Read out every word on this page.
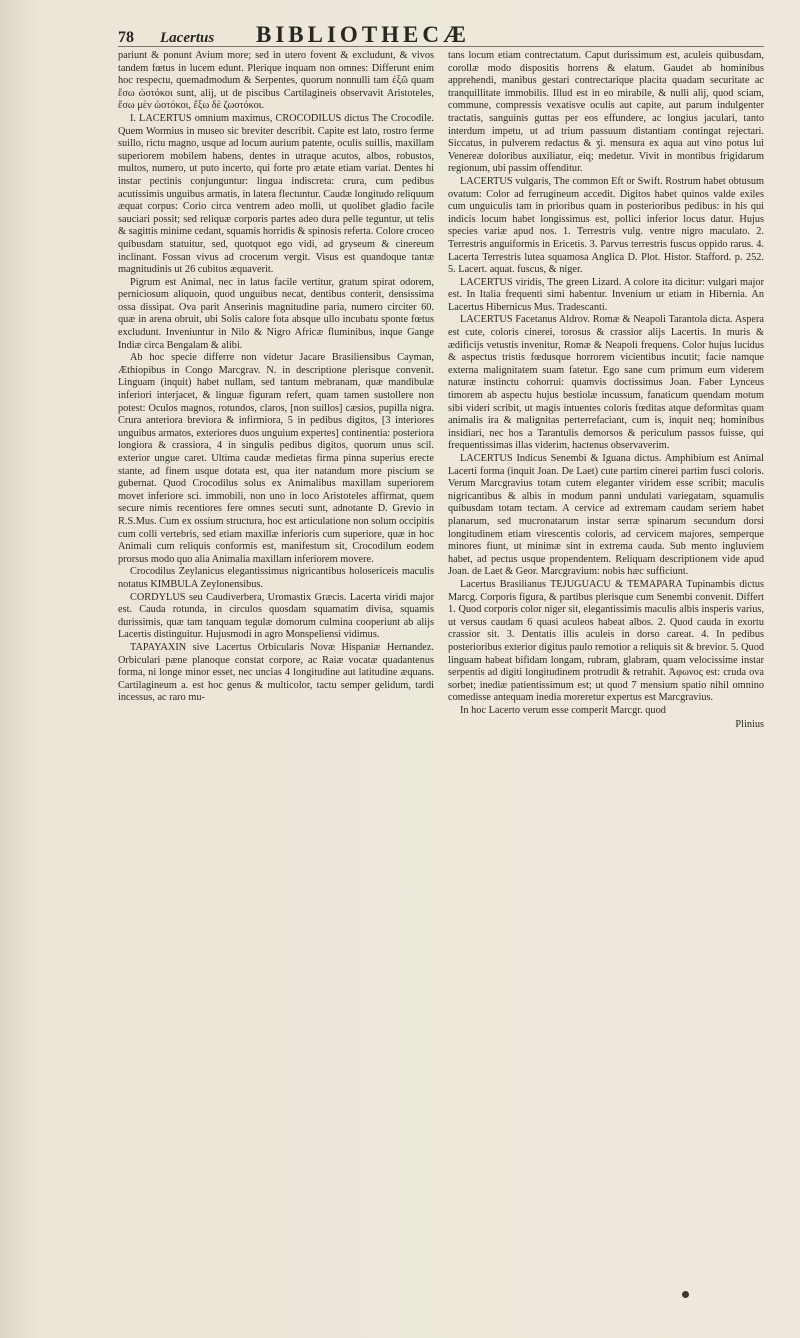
78	Lacertus	BIBLIOTHECÆ

pariunt & ponunt Avium more; sed in utero fovent & excludunt, & vivos tandem fœtus in lucem edunt. Plerique inquam non omnes: Differunt enim hoc respectu, quemadmodum & Serpentes, quorum nonnulli tam ἐξῶ quam ἔσω ὠοτόκοι sunt, alij, ut de piscibus Cartilagineis observavit Aristoteles, ἔσω μὲν ὠοτόκοι, ἔξω δὲ ζωοτόκοι.

I. LACERTUS omnium maximus, CROCODILUS dictus The Crocodile. Quem Wormius in museo sic breviter describit. Capite est lato, rostro ferme suillo, rictu magno, usque ad locum aurium patente, oculis suillis, maxillam superiorem mobilem habens, dentes in utraque acutos, albos, robustos, multos, numero, ut puto incerto, qui forte pro ætate etiam variat. Dentes hi instar pectinis conjunguntur: lingua indiscreta: crura, cum pedibus acutissimis unguibus armatis, in latera flectuntur. Caudæ longitudo reliquum æquat corpus: Corio circa ventrem adeo molli, ut quolibet gladio facile sauciari possit; sed reliquæ corporis partes adeo dura pelle teguntur, ut telis & sagittis minime cedant, squamis horridis & spinosis referta. Colore croceo quibusdam statuitur, sed, quotquot ego vidi, ad gryseum & cinereum inclinant. Fossan vivus ad crocerum vergit. Visus est quandoque tantæ magnitudinis ut 26 cubitos æquaverit.

Pigrum est Animal, nec in latus facile vertitur, gratum spirat odorem, perniciosum aliquoin, quod unguibus necat, dentibus conterit, densissima ossa dissipat. Ova parit Anserinis magnitudine paria, numero circiter 60. quæ in arena obruit, ubi Solis calore fota absque ullo incubatu sponte fœtus excludunt. Inveniuntur in Nilo & Nigro Africæ fluminibus, inque Gange Indiæ circa Bengalam & alibi.

Ab hoc specie differre non videtur Jacare Brasiliensibus Cayman, Æthiopibus in Congo Marcgrav. N. in descriptione plerisque convenit. Linguam (inquit) habet nullam, sed tantum mebranam, quæ mandibulæ inferiori interjacet, & linguæ figuram refert, quam tamen sustollere non potest: Oculos magnos, rotundos, claros, [non suillos] cæsios, pupilla nigra. Crura anteriora breviora & infirmiora, 5 in pedibus digitos, [3 interiores unguibus armatos, exteriores duos unguium expertes] continentia: posteriora longiora & crassiora, 4 in singulis pedibus digitos, quorum unus scil. exterior ungue caret. Ultima caudæ medietas firma pinna superius erecte stante, ad finem usque dotata est, qua iter natandum more piscium se gubernat. Quod Crocodilus solus ex Animalibus maxillam superiorem movet inferiore sci. immobili, non uno in loco Aristoteles affirmat, quem secure nimis recentiores fere omnes secuti sunt, adnotante D. Grevio in R.S.Mus. Cum ex ossium structura, hoc est articulatione non solum occipitis cum colli vertebris, sed etiam maxillæ inferioris cum superiore, quæ in hoc Animali cum reliquis conformis est, manifestum sit, Crocodilum eodem prorsus modo quo alia Animalia maxillam inferiorem movere.

Crocodilus Zeylanicus elegantissimus nigricantibus holosericeis maculis notatus KIMBULA Zeylonensibus.

CORDYLUS seu Caudiverbera, Uromastix Græcis. Lacerta viridi major est. Cauda rotunda, in circulos quosdam squamatim divisa, squamis durissimis, quæ tam tanquam tegulæ domorum culmina cooperiunt ab alijs Lacertis distinguitur. Hujusmodi in agro Monspeliensi vidimus.

TAPAYAXIN sive Lacertus Orbicularis Novæ Hispaniæ Hernandez. Orbiculari pæne planoque constat corpore, ac Raiæ vocatæ quadantenus forma, ni longe minor esset, nec uncias 4 longitudine aut latitudine æquans. Cartilagineum a. est hoc genus & multicolor, tactu semper gelidum, tardi incessus, ac raro mu-

tans locum etiam contrectatum. Caput durissimum est, aculeis quibusdam, corollæ modo dispositis horrens & elatum. Gaudet ab hominibus apprehendi, manibus gestari contrectarique placita quadam securitate ac tranquillitate immobilis. Illud est in eo mirabile, & nulli alij, quod sciam, commune, compressis vexatisve oculis aut capite, aut parum indulgenter tractatis, sanguinis guttas per eos effundere, ac longius jaculari, tanto interdum impetu, ut ad trium passuum distantiam contingat rejectari. Siccatus, in pulverem redactus & ʒi. mensura ex aqua aut vino potus lui Venereæ doloribus auxiliatur, eiq; medetur. Vivit in montibus frigidarum regionum, ubi passim offenditur.

LACERTUS vulgaris, The common Eft or Swift. Rostrum habet obtusum ovatum: Color ad ferrugineum accedit. Digitos habet quinos valde exiles cum unguiculis tam in prioribus quam in posterioribus pedibus: in his qui indicis locum habet longissimus est, pollici inferior locus datur. Hujus species variæ apud nos. 1. Terrestris vulg. ventre nigro maculato. 2. Terrestris anguiformis in Ericetis. 3. Parvus terrestris fuscus oppido rarus. 4. Lacerta Terrestris lutea squamosa Anglica D. Plot. Histor. Stafford. p. 252. 5. Lacert. aquat. fuscus, & niger.

LACERTUS viridis, The green Lizard. A colore ita dicitur: vulgari major est. In Italia frequenti simi habentur. Invenium ur etiam in Hibernia. An Lacertus Hibernicus Mus. Tradescanti.

LACERTUS Facetanus Aldrov. Romæ & Neapoli Tarantola dicta. Aspera est cute, coloris cinerei, torosus & crassior alijs Lacertis. In muris & ædificijs vetustis invenitur, Romæ & Neapoli frequens. Color hujus lucidus & aspectus tristis fœdusque horrorem vicientibus incutit; facie namque externa malignitatem suam fatetur. Ego sane cum primum eum viderem naturæ instinctu cohorrui: quamvis doctissimus Joan. Faber Lynceus timorem ab aspectu hujus bestiolæ incussum, fanaticum quendam motum sibi videri scribit, ut magis intuentes coloris fœditas atque deformitas quam animalis ira & malignitas perterrefaciant, cum is, inquit neq; hominibus insidiari, nec hos a Tarantulis demorsos & periculum passos fuisse, qui frequentissimas illas viderim, hactenus observaverim.

LACERTUS Indicus Senembi & Iguana dictus. Amphibium est Animal Lacerti forma (inquit Joan. De Laet) cute partim cinerei partim fusci coloris. Verum Marcgravius totam cutem eleganter viridem esse scribit; maculis nigricantibus & albis in modum panni undulati variegatam, squamulis quibusdam totam tectam. A cervice ad extremam caudam seriem habet planarum, sed mucronatarum instar serræ spinarum secundum dorsi longitudinem etiam virescentis coloris, ad cervicem majores, semperque minores fiunt, ut minimæ sint in extrema cauda. Sub mento ingluviem habet, ad pectus usque propendentem. Reliquam descriptionem vide apud Joan. de Laet & Geor. Marcgravium: nobis hæc sufficiunt.

Lacertus Brasilianus TEJUGUACU & TEMAPARA Tupinambis dictus Marcg. Corporis figura, & partibus plerisque cum Senembi convenit. Differt 1. Quod corporis color niger sit, elegantissimis maculis albis insperis varius, ut versus caudam 6 quasi aculeos habeat albos. 2. Quod cauda in exortu crassior sit. 3. Dentatis illis aculeis in dorso careat. 4. In pedibus posterioribus exterior digitus paulo remotior a reliquis sit & brevior. 5. Quod linguam habeat bifidam longam, rubram, glabram, quam velocissime instar serpentis ad digiti longitudinem protrudit & retrahit. Ἀφωνος est: cruda ova sorbet; inediæ patientissimum est; ut quod 7 mensium spatio nihil omnino comedisse antequam inedia moreretur expertus est Marcgravius.

In hoc Lacerto verum esse comperit Marcgr. quod

Plinius
